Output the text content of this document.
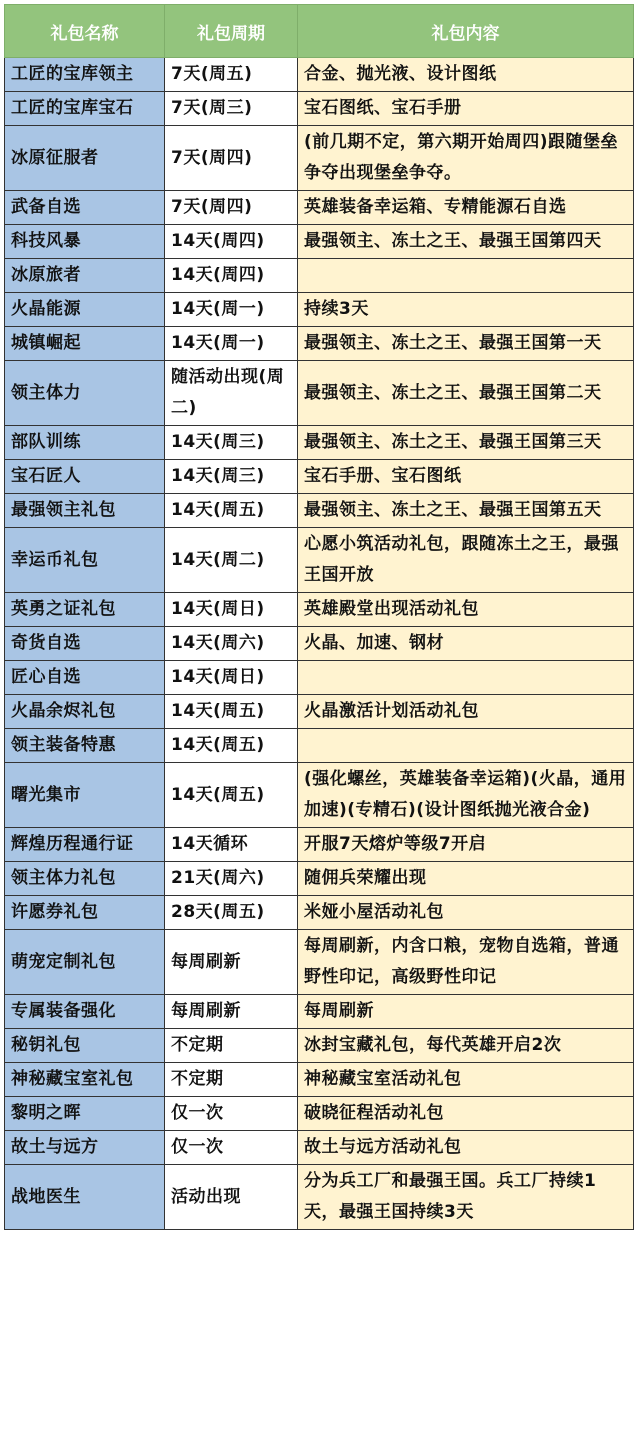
礼包名称	礼包周期	礼包内容
工匠的宝库领主	7天(周五)	合金、抛光液、设计图纸
工匠的宝库宝石	7天(周三)	宝石图纸、宝石手册
冰原征服者	7天(周四)	(前几期不定，第六期开始周四)跟随堡垒争夺出现堡垒争夺。
武备自选	7天(周四)	英雄装备幸运箱、专精能源石自选
科技风暴	14天(周四)	最强领主、冻土之王、最强王国第四天
冰原旅者	14天(周四)	
火晶能源	14天(周一)	持续3天
城镇崛起	14天(周一)	最强领主、冻土之王、最强王国第一天
领主体力	随活动出现(周二)	最强领主、冻土之王、最强王国第二天
部队训练	14天(周三)	最强领主、冻土之王、最强王国第三天
宝石匠人	14天(周三)	宝石手册、宝石图纸
最强领主礼包	14天(周五)	最强领主、冻土之王、最强王国第五天
幸运币礼包	14天(周二)	心愿小筑活动礼包，跟随冻土之王，最强王国开放
英勇之证礼包	14天(周日)	英雄殿堂出现活动礼包
奇货自选	14天(周六)	火晶、加速、钢材
匠心自选	14天(周日)	
火晶余烬礼包	14天(周五)	火晶激活计划活动礼包
领主装备特惠	14天(周五)	
曙光集市	14天(周五)	(强化螺丝，英雄装备幸运箱)(火晶，通用加速)(专精石)(设计图纸抛光液合金)
辉煌历程通行证	14天循环	开服7天熔炉等级7开启
领主体力礼包	21天(周六)	随佣兵荣耀出现
许愿券礼包	28天(周五)	米娅小屋活动礼包
萌宠定制礼包	每周刷新	每周刷新，内含口粮，宠物自选箱，普通野性印记，高级野性印记
专属装备强化	每周刷新	每周刷新
秘钥礼包	不定期	冰封宝藏礼包，每代英雄开启2次
神秘藏宝室礼包	不定期	神秘藏宝室活动礼包
黎明之晖	仅一次	破晓征程活动礼包
故土与远方	仅一次	故土与远方活动礼包
战地医生	活动出现	分为兵工厂和最强王国。兵工厂持续1天，最强王国持续3天
